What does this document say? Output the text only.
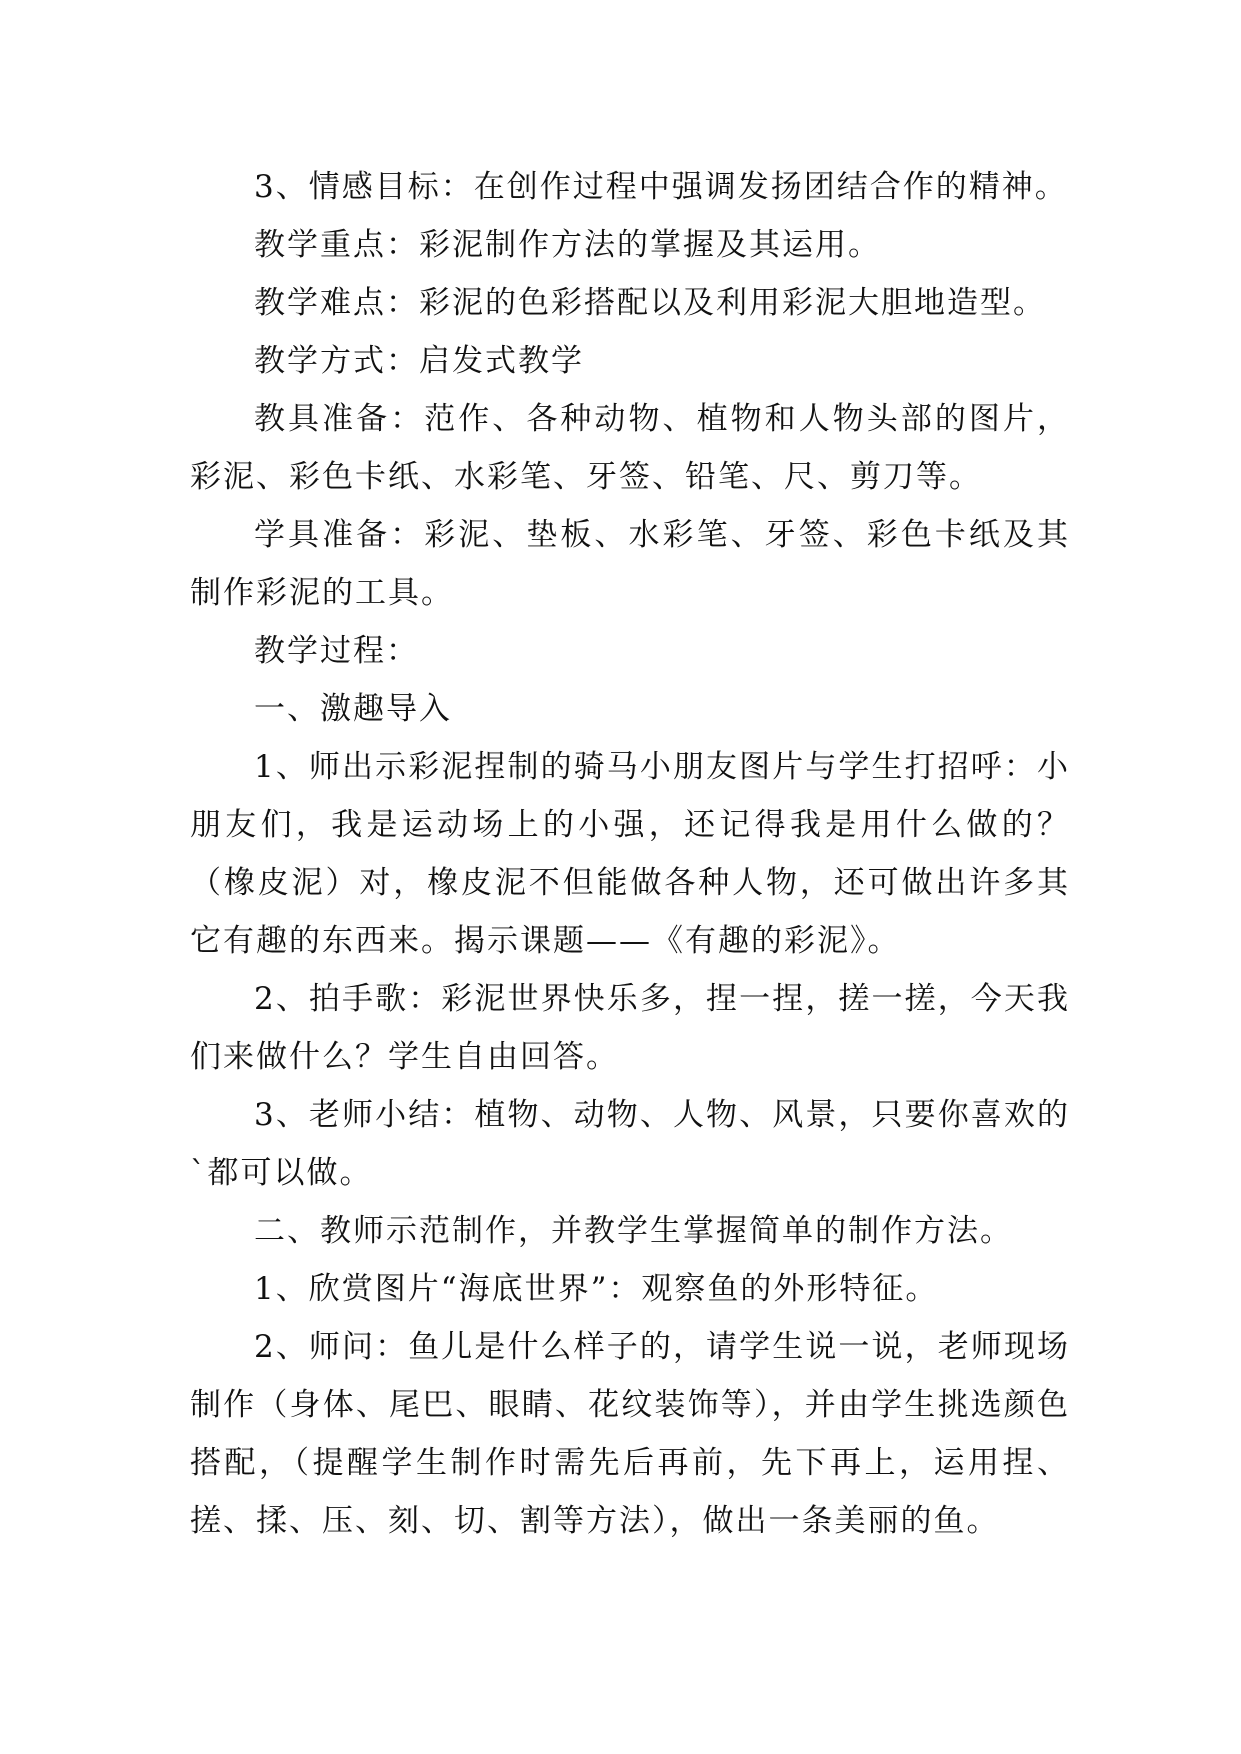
3、情感目标：在创作过程中强调发扬团结合作的精神。

教学重点：彩泥制作方法的掌握及其运用。

教学难点：彩泥的色彩搭配以及利用彩泥大胆地造型。

教学方式：启发式教学

教具准备：范作、各种动物、植物和人物头部的图片，彩泥、彩色卡纸、水彩笔、牙签、铅笔、尺、剪刀等。

学具准备：彩泥、垫板、水彩笔、牙签、彩色卡纸及其制作彩泥的工具。

教学过程：

一、激趣导入

1、师出示彩泥捏制的骑马小朋友图片与学生打招呼：小朋友们，我是运动场上的小强，还记得我是用什么做的？（橡皮泥）对，橡皮泥不但能做各种人物，还可做出许多其它有趣的东西来。揭示课题——《有趣的彩泥》。

2、拍手歌：彩泥世界快乐多，捏一捏，搓一搓，今天我们来做什么？学生自由回答。

3、老师小结：植物、动物、人物、风景，只要你喜欢的`都可以做。

二、教师示范制作，并教学生掌握简单的制作方法。

1、欣赏图片“海底世界”：观察鱼的外形特征。

2、师问：鱼儿是什么样子的，请学生说一说，老师现场制作（身体、尾巴、眼睛、花纹装饰等），并由学生挑选颜色搭配，（提醒学生制作时需先后再前，先下再上，运用捏、搓、揉、压、刻、切、割等方法），做出一条美丽的鱼。
